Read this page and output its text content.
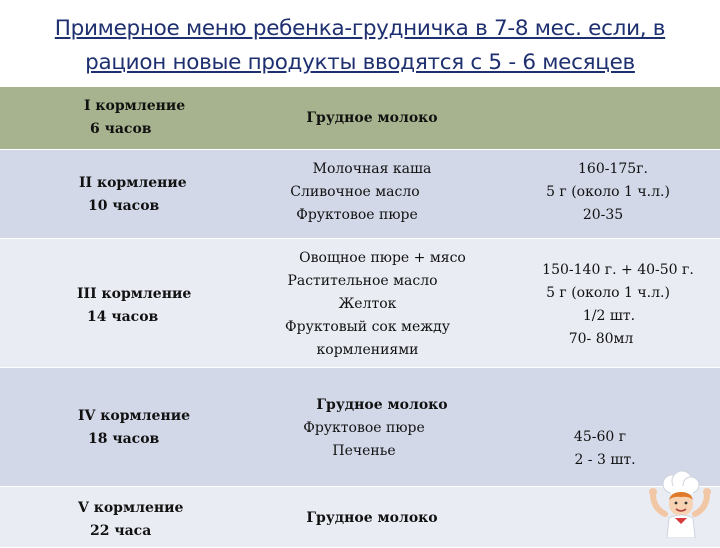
Примерное меню ребенка-грудничка в 7-8 мес. если, в
рацион новые продукты вводятся с 5 - 6 месяцев
I кормление
6 часов
Грудное молоко
II кормление
10 часов
Молочная каша
Сливочное масло
Фруктовое пюре
160-175г.
5 г (около 1 ч.л.)
20-35
III кормление
14 часов
Овощное пюре + мясо
Растительное масло
Желток
Фруктовый сок между
кормлениями
150-140 г. + 40-50 г.
5 г (около 1 ч.л.)
1/2 шт.
70- 80мл
IV кормление
18 часов
Грудное молоко
Фруктовое пюре
Печенье
45-60 г
2 - 3 шт.
V кормление
22 часа
Грудное молоко
